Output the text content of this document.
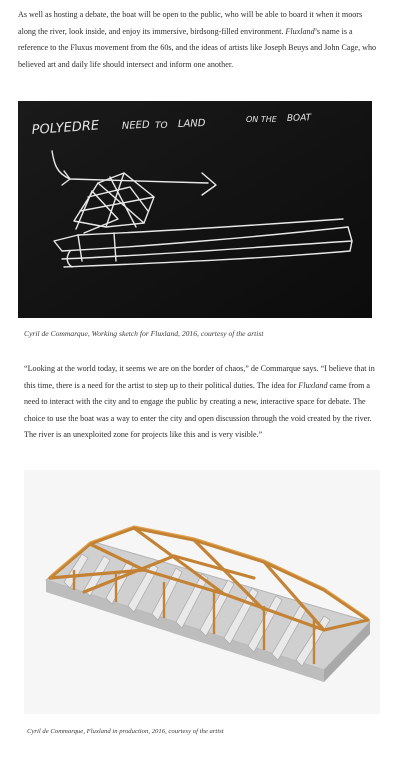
As well as hosting a debate, the boat will be open to the public, who will be able to board it when it moors along the river, look inside, and enjoy its immersive, birdsong-filled environment. Fluxland’s name is a reference to the Fluxus movement from the 60s, and the ideas of artists like Joseph Beuys and John Cage, who believed art and daily life should intersect and inform one another.

POLYEDRE NEED TO LAND	ON THE BOAT

Cyril de Commarque, Working sketch for Fluxland, 2016, courtesy of the artist

“Looking at the world today, it seems we are on the border of chaos,” de Commarque says. “I believe that in this time, there is a need for the artist to step up to their political duties. The idea for Fluxland came from a need to interact with the city and to engage the public by creating a new, interactive space for debate. The choice to use the boat was a way to enter the city and open discussion through the void created by the river. The river is an unexploited zone for projects like this and is very visible.”

Cyril de Commarque, Fluxland in production, 2016, courtesy of the artist
